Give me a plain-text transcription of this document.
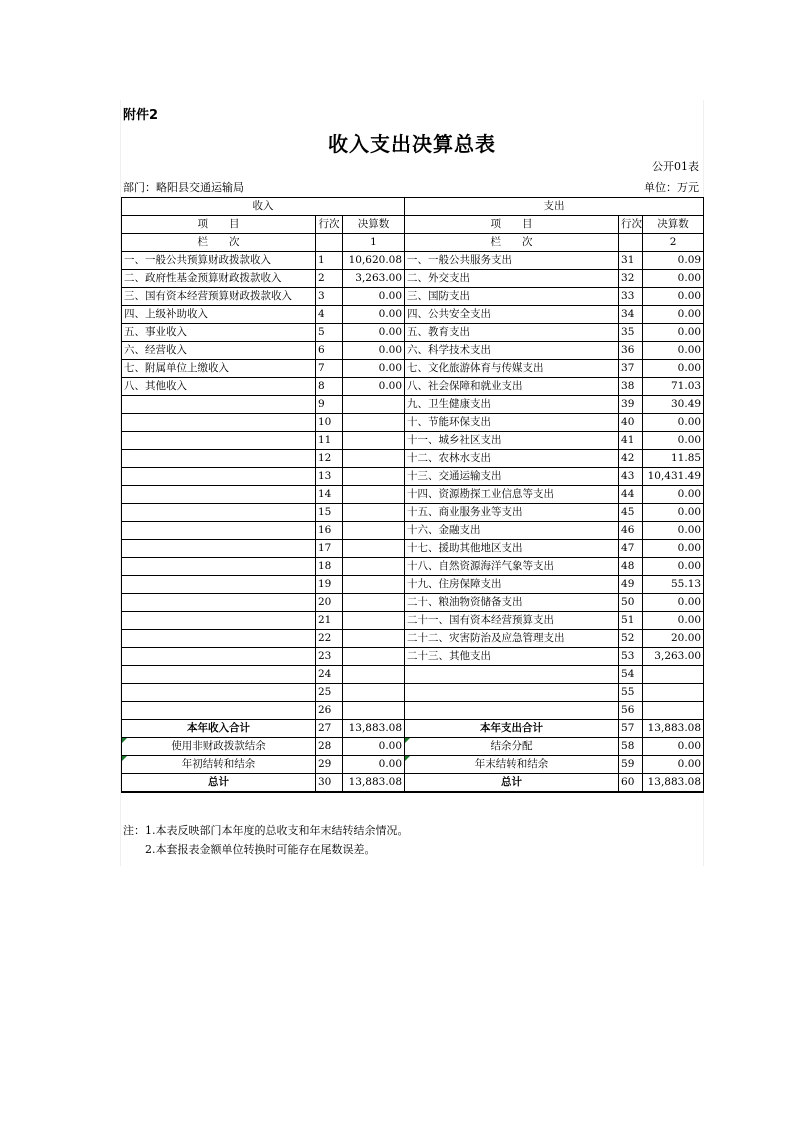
附件2
收入支出决算总表
公开01表
部门：略阳县交通运输局	单位：万元
收入			支出		
项　　目	行次	决算数	项　　目	行次	决算数
栏　　次		1	栏　　次		2
一、一般公共预算财政拨款收入	1	10,620.08	一、一般公共服务支出	31	0.09
二、政府性基金预算财政拨款收入	2	3,263.00	二、外交支出	32	0.00
三、国有资本经营预算财政拨款收入	3	0.00	三、国防支出	33	0.00
四、上级补助收入	4	0.00	四、公共安全支出	34	0.00
五、事业收入	5	0.00	五、教育支出	35	0.00
六、经营收入	6	0.00	六、科学技术支出	36	0.00
七、附属单位上缴收入	7	0.00	七、文化旅游体育与传媒支出	37	0.00
八、其他收入	8	0.00	八、社会保障和就业支出	38	71.03
	9		九、卫生健康支出	39	30.49
	10		十、节能环保支出	40	0.00
	11		十一、城乡社区支出	41	0.00
	12		十二、农林水支出	42	11.85
	13		十三、交通运输支出	43	10,431.49
	14		十四、资源勘探工业信息等支出	44	0.00
	15		十五、商业服务业等支出	45	0.00
	16		十六、金融支出	46	0.00
	17		十七、援助其他地区支出	47	0.00
	18		十八、自然资源海洋气象等支出	48	0.00
	19		十九、住房保障支出	49	55.13
	20		二十、粮油物资储备支出	50	0.00
	21		二十一、国有资本经营预算支出	51	0.00
	22		二十二、灾害防治及应急管理支出	52	20.00
	23		二十三、其他支出	53	3,263.00
	24			54	
	25			55	
	26			56	
本年收入合计	27	13,883.08	本年支出合计	57	13,883.08
使用非财政拨款结余	28	0.00	结余分配	58	0.00
年初结转和结余	29	0.00	年末结转和结余	59	0.00
总计	30	13,883.08	总计	60	13,883.08
注：1.本表反映部门本年度的总收支和年末结转结余情况。
2.本套报表金额单位转换时可能存在尾数误差。
